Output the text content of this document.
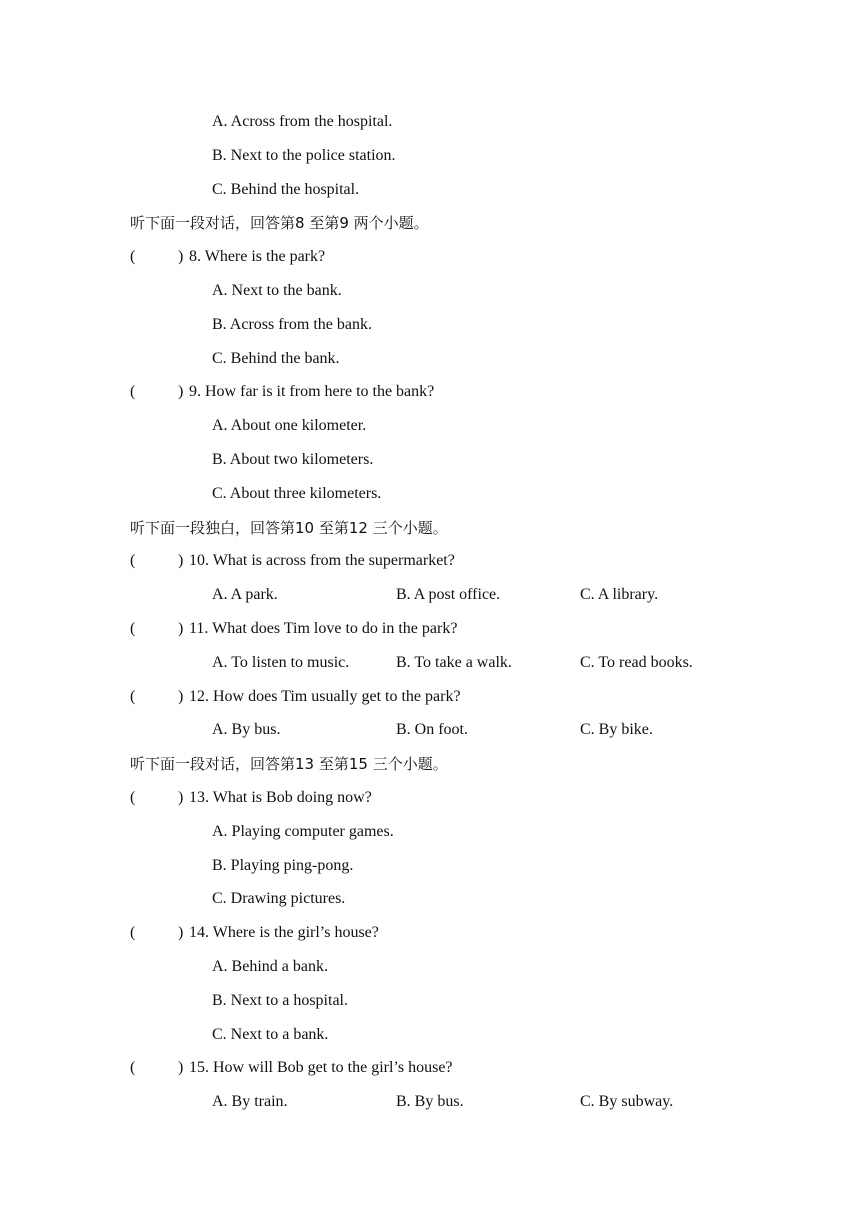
A. Across from the hospital.
B. Next to the police station.
C. Behind the hospital.
听下面一段对话，回答第8 至第9 两个小题。
(	) 8. Where is the park?
A. Next to the bank.
B. Across from the bank.
C. Behind the bank.
(	) 9. How far is it from here to the bank?
A. About one kilometer.
B. About two kilometers.
C. About three kilometers.
听下面一段独白，回答第10 至第12 三个小题。
(	) 10. What is across from the supermarket?
A. A park.	B. A post office.	C. A library.
(	) 11. What does Tim love to do in the park?
A. To listen to music.	B. To take a walk.	C. To read books.
(	) 12. How does Tim usually get to the park?
A. By bus.	B. On foot.	C. By bike.
听下面一段对话，回答第13 至第15 三个小题。
(	) 13. What is Bob doing now?
A. Playing computer games.
B. Playing ping-pong.
C. Drawing pictures.
(	) 14. Where is the girl’s house?
A. Behind a bank.
B. Next to a hospital.
C. Next to a bank.
(	) 15. How will Bob get to the girl’s house?
A. By train.	B. By bus.	C. By subway.
